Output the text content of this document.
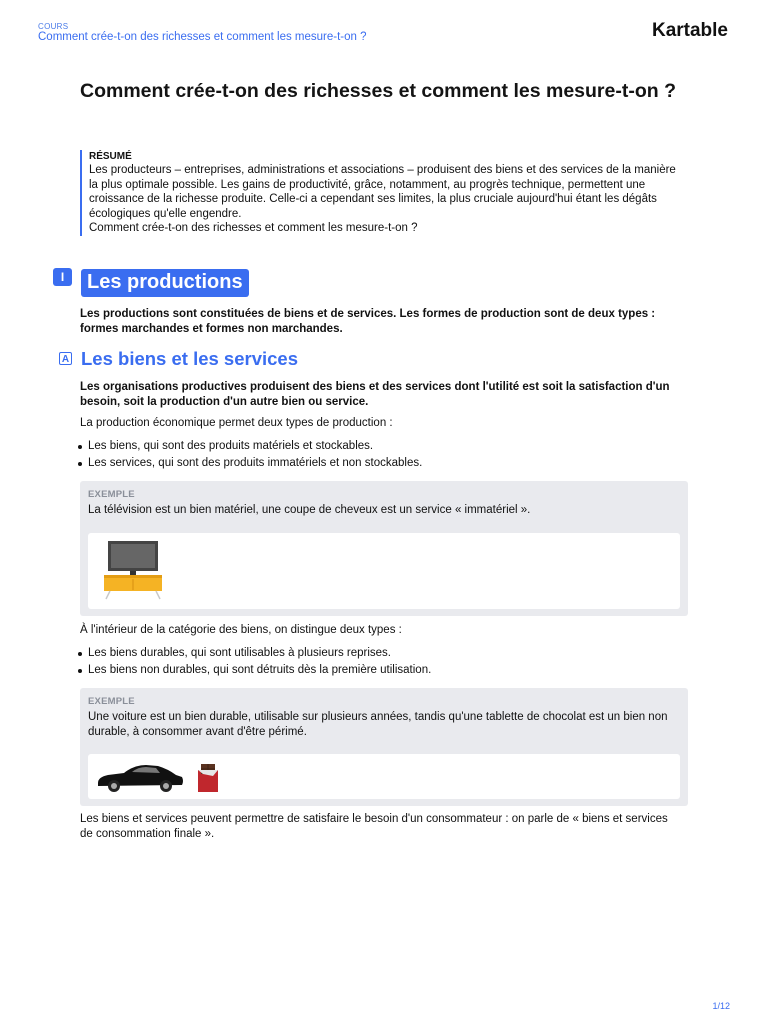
COURS
Comment crée-t-on des richesses et comment les mesure-t-on ?	Kartable
Comment crée-t-on des richesses et comment les mesure-t-on ?
RÉSUMÉ
Les producteurs – entreprises, administrations et associations – produisent des biens et des services de la manière la plus optimale possible. Les gains de productivité, grâce, notamment, au progrès technique, permettent une croissance de la richesse produite. Celle-ci a cependant ses limites, la plus cruciale aujourd'hui étant les dégâts écologiques qu'elle engendre.
Comment crée-t-on des richesses et comment les mesure-t-on ?
I	Les productions
Les productions sont constituées de biens et de services. Les formes de production sont de deux types : formes marchandes et formes non marchandes.
A Les biens et les services
Les organisations productives produisent des biens et des services dont l'utilité est soit la satisfaction d'un besoin, soit la production d'un autre bien ou service.
La production économique permet deux types de production :
Les biens, qui sont des produits matériels et stockables.
Les services, qui sont des produits immatériels et non stockables.
EXEMPLE
La télévision est un bien matériel, une coupe de cheveux est un service « immatériel ».
À l'intérieur de la catégorie des biens, on distingue deux types :
Les biens durables, qui sont utilisables à plusieurs reprises.
Les biens non durables, qui sont détruits dès la première utilisation.
EXEMPLE
Une voiture est un bien durable, utilisable sur plusieurs années, tandis qu'une tablette de chocolat est un bien non durable, à consommer avant d'être périmé.
Les biens et services peuvent permettre de satisfaire le besoin d'un consommateur : on parle de « biens et services de consommation finale ».
1/12
